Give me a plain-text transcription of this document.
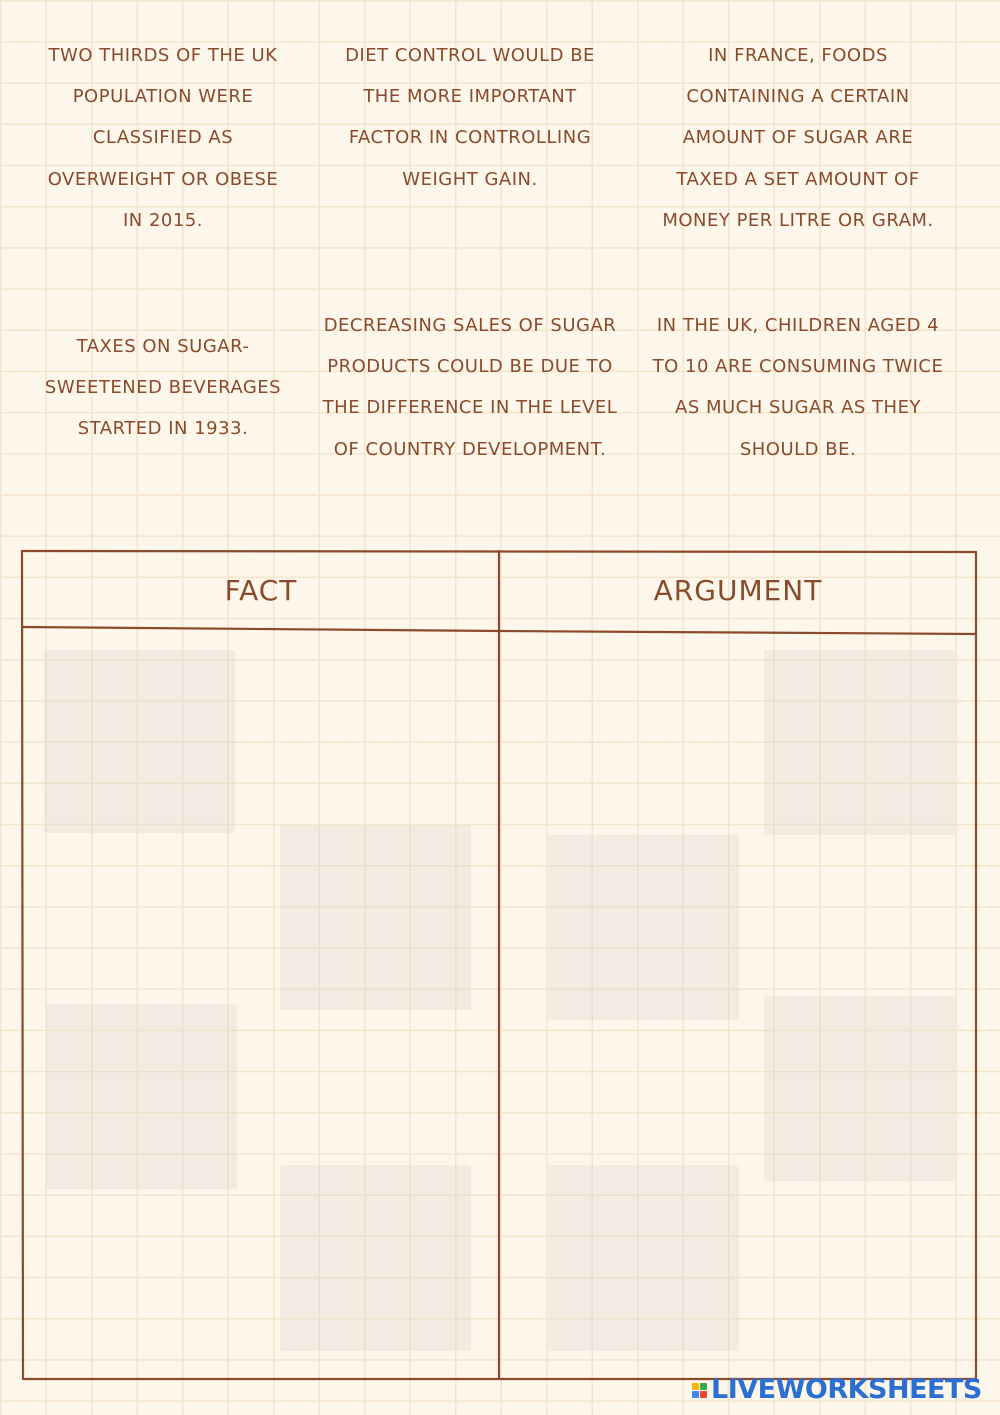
TWO THIRDS OF THE UK POPULATION WERE CLASSIFIED AS OVERWEIGHT OR OBESE IN 2015.
DIET CONTROL WOULD BE THE MORE IMPORTANT FACTOR IN CONTROLLING WEIGHT GAIN.
IN FRANCE, FOODS CONTAINING A CERTAIN AMOUNT OF SUGAR ARE TAXED A SET AMOUNT OF MONEY PER LITRE OR GRAM.
TAXES ON SUGAR-SWEETENED BEVERAGES STARTED IN 1933.
DECREASING SALES OF SUGAR PRODUCTS COULD BE DUE TO THE DIFFERENCE IN THE LEVEL OF COUNTRY DEVELOPMENT.
IN THE UK, CHILDREN AGED 4 TO 10 ARE CONSUMING TWICE AS MUCH SUGAR AS THEY SHOULD BE.
FACT	ARGUMENT
LIVEWORKSHEETS
